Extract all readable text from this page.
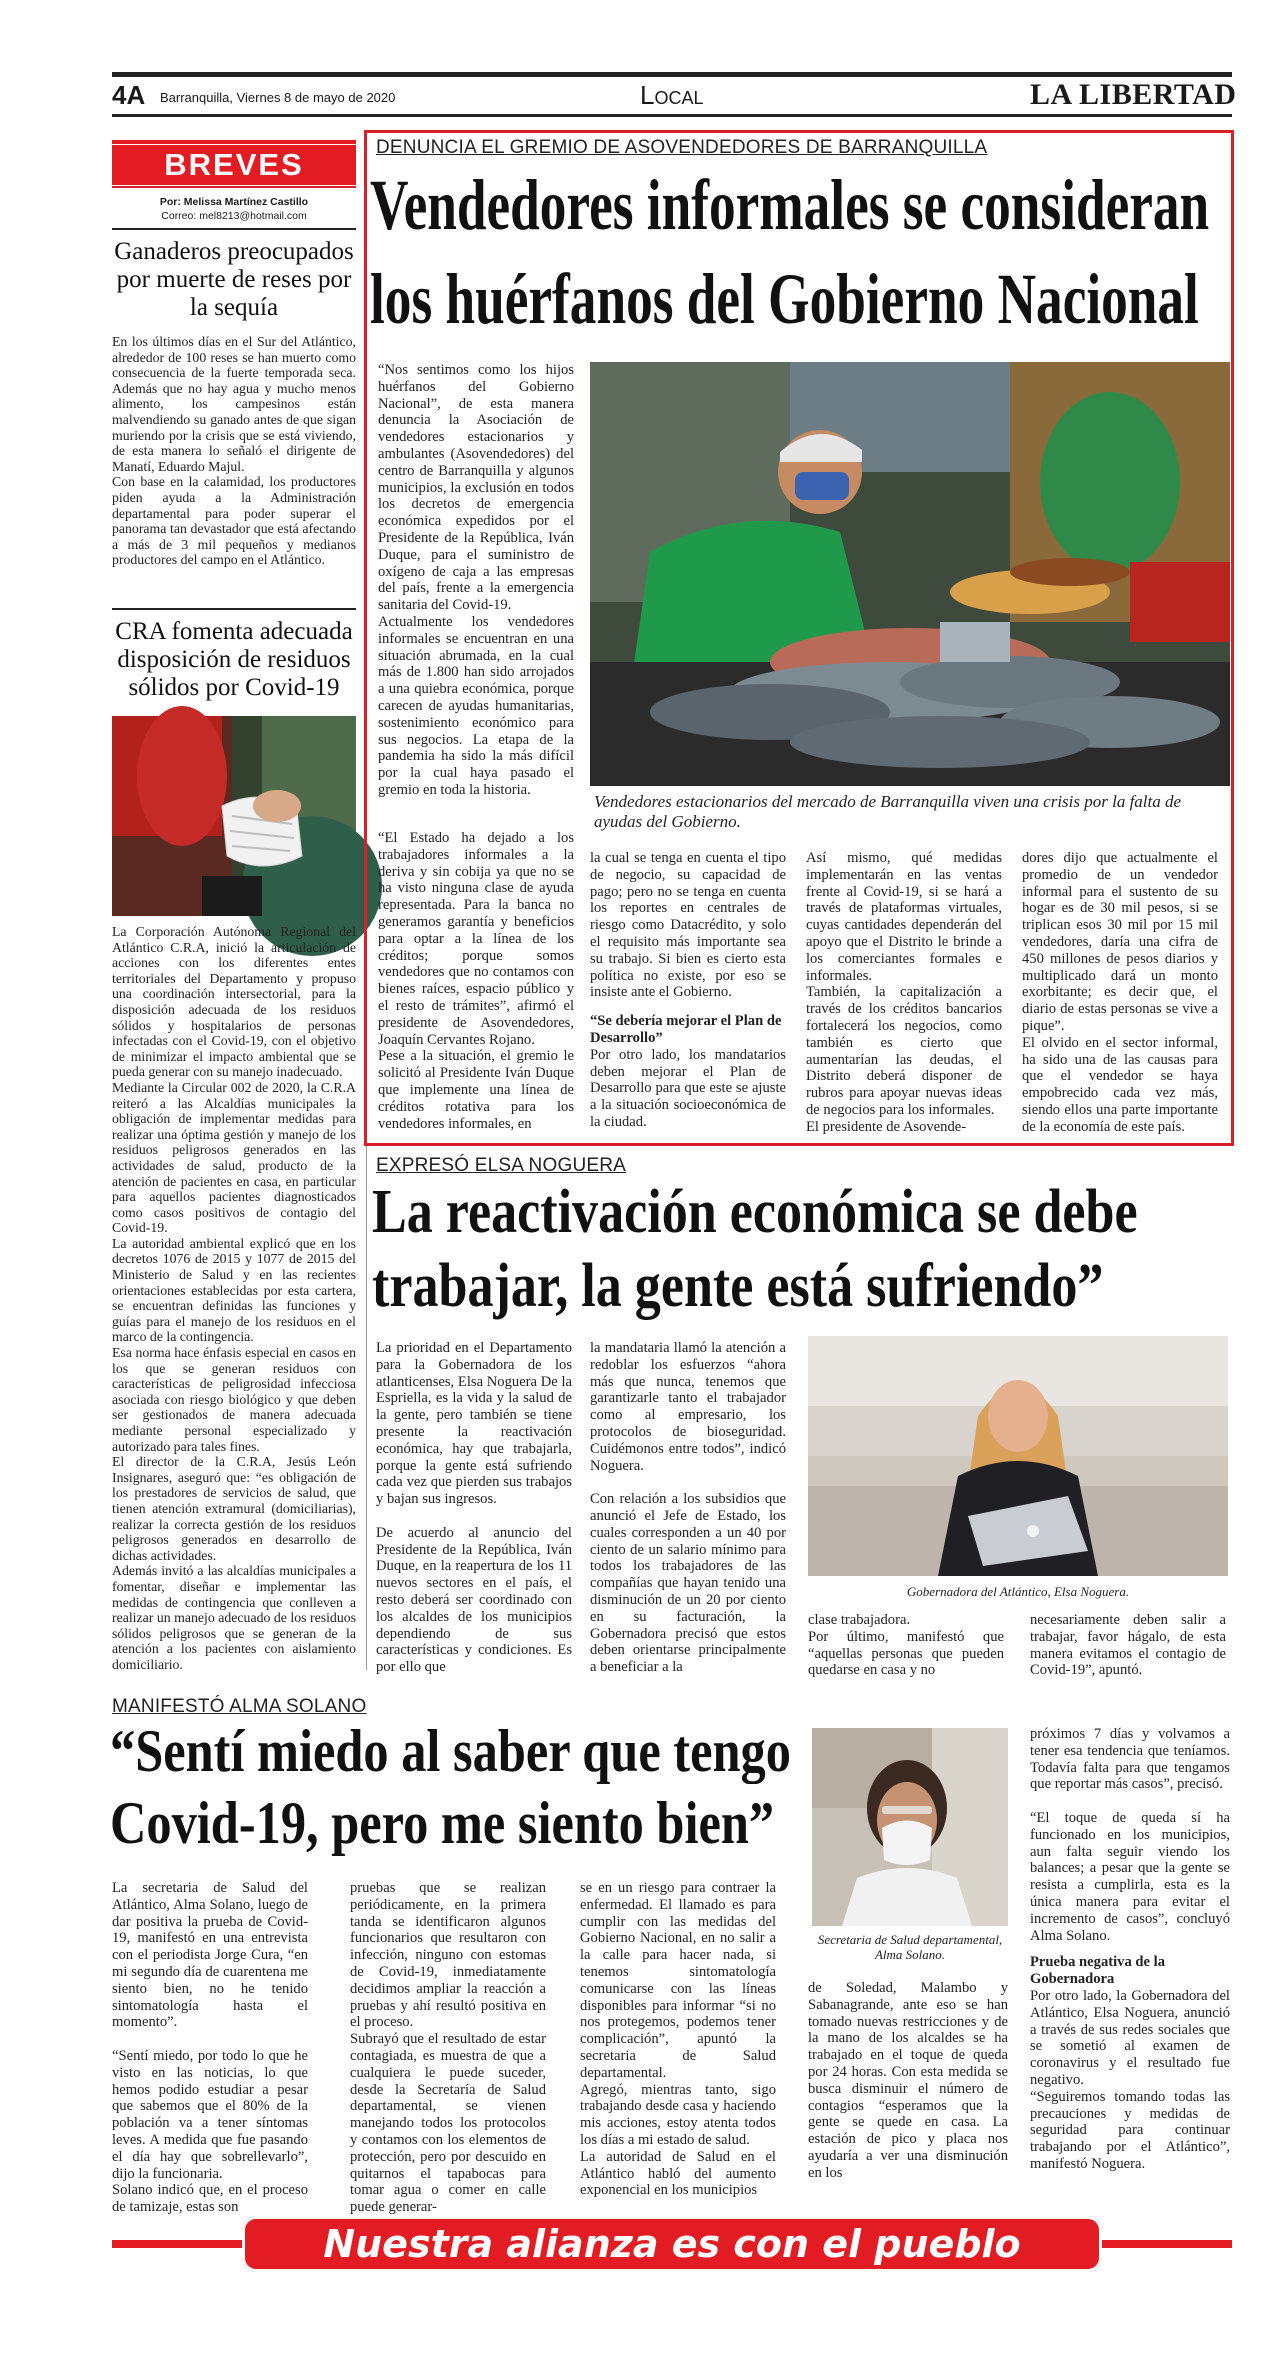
4A Barranquilla, Viernes 8 de mayo de 2020	Local	LA LIBERTAD
BREVES
Por: Melissa Martínez Castillo
Correo: mel8213@hotmail.com
Ganaderos preocupados por muerte de reses por la sequía
En los últimos días en el Sur del Atlántico, alrededor de 100 reses se han muerto como consecuencia de la fuerte temporada seca. Además que no hay agua y mucho menos alimento, los campesinos están malvendiendo su ganado antes de que sigan muriendo por la crisis que se está viviendo, de esta manera lo señaló el dirigente de Manatí, Eduardo Majul.
Con base en la calamidad, los productores piden ayuda a la Administración departamental para poder superar el panorama tan devastador que está afectando a más de 3 mil pequeños y medianos productores del campo en el Atlántico.
CRA fomenta adecuada disposición de residuos sólidos por Covid-19
La Corporación Autónoma Regional del Atlántico C.R.A, inició la articulación de acciones con los diferentes entes territoriales del Departamento y propuso una coordinación intersectorial, para la disposición adecuada de los residuos sólidos y hospitalarios de personas infectadas con el Covid-19, con el objetivo de minimizar el impacto ambiental que se pueda generar con su manejo inadecuado.
Mediante la Circular 002 de 2020, la C.R.A reiteró a las Alcaldías municipales la obligación de implementar medidas para realizar una óptima gestión y manejo de los residuos peligrosos generados en las actividades de salud, producto de la atención de pacientes en casa, en particular para aquellos pacientes diagnosticados como casos positivos de contagio del Covid-19.
La autoridad ambiental explicó que en los decretos 1076 de 2015 y 1077 de 2015 del Ministerio de Salud y en las recientes orientaciones establecidas por esta cartera, se encuentran definidas las funciones y guías para el manejo de los residuos en el marco de la contingencia.
Esa norma hace énfasis especial en casos en los que se generan residuos con características de peligrosidad infecciosa asociada con riesgo biológico y que deben ser gestionados de manera adecuada mediante personal especializado y autorizado para tales fines.
El director de la C.R.A, Jesús León Insignares, aseguró que: “es obligación de los prestadores de servicios de salud, que tienen atención extramural (domiciliarias), realizar la correcta gestión de los residuos peligrosos generados en desarrollo de dichas actividades.
Además invitó a las alcaldías municipales a fomentar, diseñar e implementar las medidas de contingencia que conlleven a realizar un manejo adecuado de los residuos sólidos peligrosos que se generan de la atención a los pacientes con aislamiento domiciliario.
DENUNCIA EL GREMIO DE ASOVENDEDORES DE BARRANQUILLA
Vendedores informales se consideran
los huérfanos del Gobierno Nacional
“Nos sentimos como los hijos huérfanos del Gobierno Nacional”, de esta manera denuncia la Asociación de vendedores estacionarios y ambulantes (Asovendedores) del centro de Barranquilla y algunos municipios, la exclusión en todos los decretos de emergencia económica expedidos por el Presidente de la República, Iván Duque, para el suministro de oxígeno de caja a las empresas del país, frente a la emergencia sanitaria del Covid-19.
Actualmente los vendedores informales se encuentran en una situación abrumada, en la cual más de 1.800 han sido arrojados a una quiebra económica, porque carecen de ayudas humanitarias, sostenimiento económico para sus negocios. La etapa de la pandemia ha sido la más difícil por la cual haya pasado el gremio en toda la historia.
Vendedores estacionarios del mercado de Barranquilla viven una crisis por la falta de ayudas del Gobierno.
“El Estado ha dejado a los trabajadores informales a la deriva y sin cobija ya que no se ha visto ninguna clase de ayuda representada. Para la banca no generamos garantía y beneficios para optar a la línea de los créditos; porque somos vendedores que no contamos con bienes raíces, espacio público y el resto de trámites”, afirmó el presidente de Asovendedores, Joaquín Cervantes Rojano.
Pese a la situación, el gremio le solicitó al Presidente Iván Duque que implemente una línea de créditos rotativa para los vendedores informales, en
la cual se tenga en cuenta el tipo de negocio, su capacidad de pago; pero no se tenga en cuenta los reportes en centrales de riesgo como Datacrédito, y solo el requisito más importante sea su trabajo. Si bien es cierto esta política no existe, por eso se insiste ante el Gobierno.
“Se debería mejorar el Plan de Desarrollo”
Por otro lado, los mandatarios deben mejorar el Plan de Desarrollo para que este se ajuste a la situación socioeconómica de la ciudad.
Así mismo, qué medidas implementarán en las ventas frente al Covid-19, si se hará a través de plataformas virtuales, cuyas cantidades dependerán del apoyo que el Distrito le brinde a los comerciantes formales e informales.
También, la capitalización a través de los créditos bancarios fortalecerá los negocios, como también es cierto que aumentarían las deudas, el Distrito deberá disponer de rubros para apoyar nuevas ideas de negocios para los informales.
El presidente de Asovende-
dores dijo que actualmente el promedio de un vendedor informal para el sustento de su hogar es de 30 mil pesos, si se triplican esos 30 mil por 15 mil vendedores, daría una cifra de 450 millones de pesos diarios y multiplicado dará un monto exorbitante; es decir que, el diario de estas personas se vive a pique”.
El olvido en el sector informal, ha sido una de las causas para que el vendedor se haya empobrecido cada vez más, siendo ellos una parte importante de la economía de este país.
EXPRESÓ ELSA NOGUERA
La reactivación económica se debe
trabajar, la gente está sufriendo”
La prioridad en el Departamento para la Gobernadora de los atlanticenses, Elsa Noguera De la Espriella, es la vida y la salud de la gente, pero también se tiene presente la reactivación económica, hay que trabajarla, porque la gente está sufriendo cada vez que pierden sus trabajos y bajan sus ingresos.

De acuerdo al anuncio del Presidente de la República, Iván Duque, en la reapertura de los 11 nuevos sectores en el país, el resto deberá ser coordinado con los alcaldes de los municipios dependiendo de sus características y condiciones. Es por ello que
la mandataria llamó la atención a redoblar los esfuerzos “ahora más que nunca, tenemos que garantizarle tanto el trabajador como al empresario, los protocolos de bioseguridad. Cuidémonos entre todos”, indicó Noguera.

Con relación a los subsidios que anunció el Jefe de Estado, los cuales corresponden a un 40 por ciento de un salario mínimo para todos los trabajadores de las compañías que hayan tenido una disminución de un 20 por ciento en su facturación, la Gobernadora precisó que estos deben orientarse principalmente a beneficiar a la
Gobernadora del Atlántico, Elsa Noguera.
clase trabajadora.
Por último, manifestó que “aquellas personas que pueden quedarse en casa y no
necesariamente deben salir a trabajar, favor hágalo, de esta manera evitamos el contagio de Covid-19”, apuntó.
MANIFESTÓ ALMA SOLANO
“Sentí miedo al saber que tengo
Covid-19, pero me siento bien”
La secretaria de Salud del Atlántico, Alma Solano, luego de dar positiva la prueba de Covid-19, manifestó en una entrevista con el periodista Jorge Cura, “en mi segundo día de cuarentena me siento bien, no he tenido sintomatología hasta el momento”.

“Sentí miedo, por todo lo que he visto en las noticias, lo que hemos podido estudiar a pesar que sabemos que el 80% de la población va a tener síntomas leves. A medida que fue pasando el día hay que sobrellevarlo”, dijo la funcionaria.
Solano indicó que, en el proceso de tamizaje, estas son
pruebas que se realizan periódicamente, en la primera tanda se identificaron algunos funcionarios que resultaron con infección, ninguno con estomas de Covid-19, inmediatamente decidimos ampliar la reacción a pruebas y ahí resultó positiva en el proceso.
Subrayó que el resultado de estar contagiada, es muestra de que a cualquiera le puede suceder, desde la Secretaría de Salud departamental, se vienen manejando todos los protocolos y contamos con los elementos de protección, pero por descuido en quitarnos el tapabocas para tomar agua o comer en calle puede generar-
se en un riesgo para contraer la enfermedad. El llamado es para cumplir con las medidas del Gobierno Nacional, en no salir a la calle para hacer nada, si tenemos sintomatología comunicarse con las líneas disponibles para informar “si no nos protegemos, podemos tener complicación”, apuntó la secretaria de Salud departamental.
Agregó, mientras tanto, sigo trabajando desde casa y haciendo mis acciones, estoy atenta todos los días a mi estado de salud.
La autoridad de Salud en el Atlántico habló del aumento exponencial en los municipios
Secretaria de Salud departamental, Alma Solano.
de Soledad, Malambo y Sabanagrande, ante eso se han tomado nuevas restricciones y de la mano de los alcaldes se ha trabajado en el toque de queda por 24 horas. Con esta medida se busca disminuir el número de contagios “esperamos que la gente se quede en casa. La estación de pico y placa nos ayudaría a ver una disminución en los
próximos 7 días y volvamos a tener esa tendencia que teníamos. Todavía falta para que tengamos que reportar más casos”, precisó.

“El toque de queda sí ha funcionado en los municipios, aun falta seguir viendo los balances; a pesar que la gente se resista a cumplirla, esta es la única manera para evitar el incremento de casos”, concluyó Alma Solano.
Prueba negativa de la Gobernadora
Por otro lado, la Gobernadora del Atlántico, Elsa Noguera, anunció a través de sus redes sociales que se sometió al examen de coronavirus y el resultado fue negativo.
“Seguiremos tomando todas las precauciones y medidas de seguridad para continuar trabajando por el Atlántico”, manifestó Noguera.
Nuestra alianza es con el pueblo
